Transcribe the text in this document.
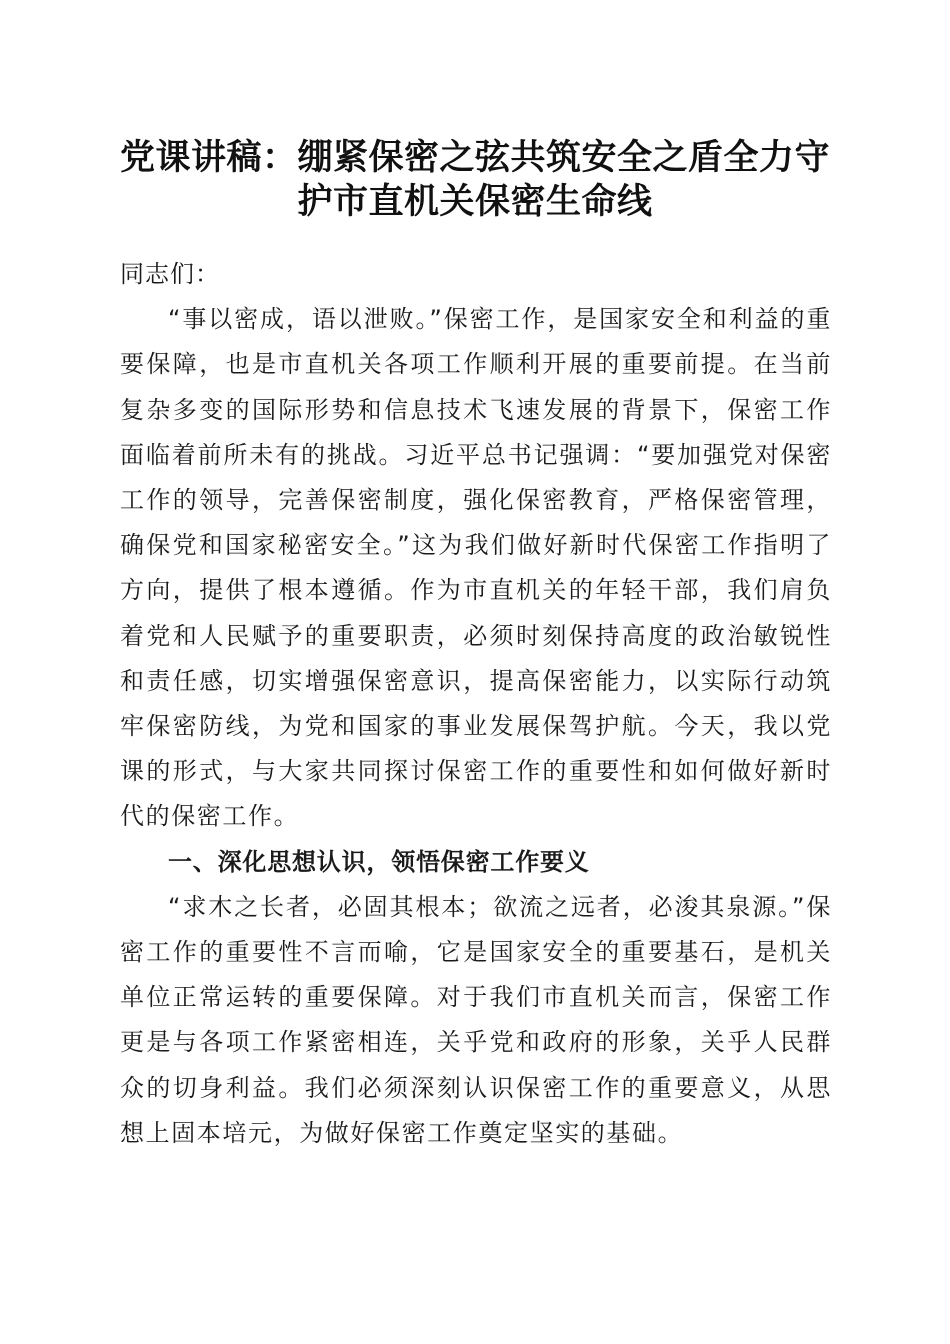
党课讲稿：绷紧保密之弦共筑安全之盾全力守
护市直机关保密生命线

同志们：

“事以密成，语以泄败。”保密工作，是国家安全和利益的重要保障，也是市直机关各项工作顺利开展的重要前提。在当前复杂多变的国际形势和信息技术飞速发展的背景下，保密工作面临着前所未有的挑战。习近平总书记强调：“要加强党对保密工作的领导，完善保密制度，强化保密教育，严格保密管理，确保党和国家秘密安全。”这为我们做好新时代保密工作指明了方向，提供了根本遵循。作为市直机关的年轻干部，我们肩负着党和人民赋予的重要职责，必须时刻保持高度的政治敏锐性和责任感，切实增强保密意识，提高保密能力，以实际行动筑牢保密防线，为党和国家的事业发展保驾护航。今天，我以党课的形式，与大家共同探讨保密工作的重要性和如何做好新时代的保密工作。

一、深化思想认识，领悟保密工作要义

“求木之长者，必固其根本；欲流之远者，必浚其泉源。”保密工作的重要性不言而喻，它是国家安全的重要基石，是机关单位正常运转的重要保障。对于我们市直机关而言，保密工作更是与各项工作紧密相连，关乎党和政府的形象，关乎人民群众的切身利益。我们必须深刻认识保密工作的重要意义，从思想上固本培元，为做好保密工作奠定坚实的基础。
